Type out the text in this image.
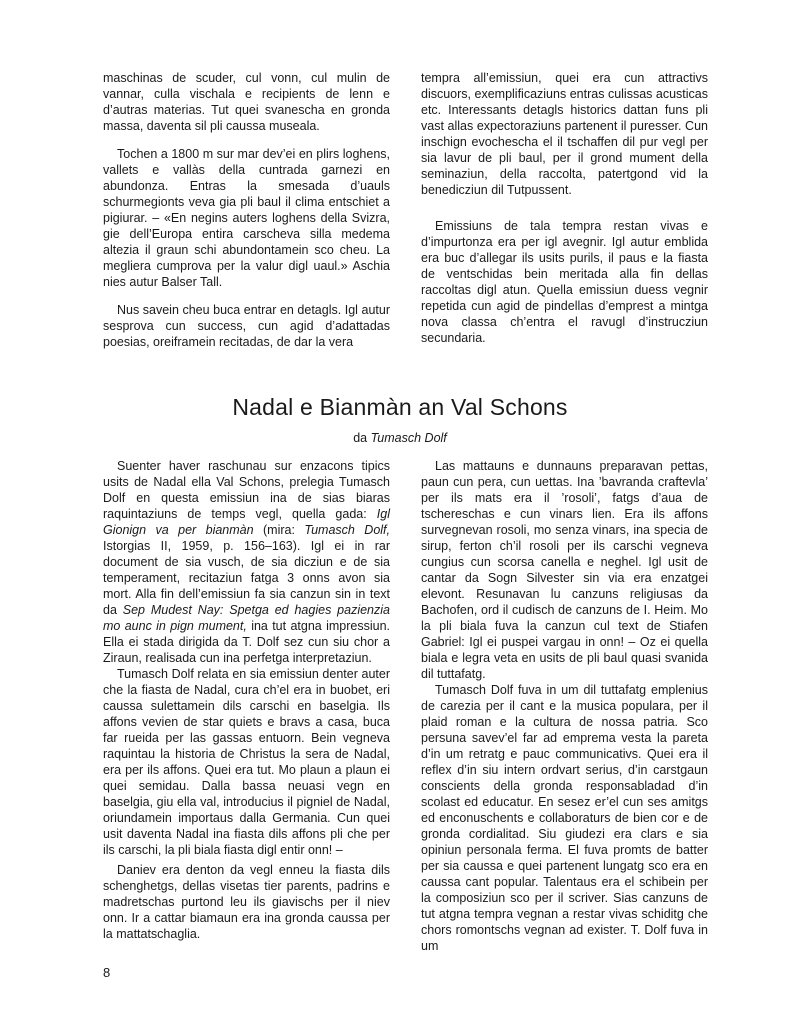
maschinas de scuder, cul vonn, cul mulin de vannar, culla vischala e recipients de lenn e d’autras materias. Tut quei svanescha en gronda massa, daventa sil pli caussa museala.

Tochen a 1800 m sur mar dev’ei en plirs loghens, vallets e vallàs della cuntrada garnezi en abundonza. Entras la smesada d’uauls schurmegionts veva gia pli baul il clima entschiet a pigiurar. – «En negins auters loghens della Svizra, gie dell’Europa entira carscheva silla medema altezia il graun schi abundontamein sco cheu. La megliera cumprova per la valur digl uaul.» Aschia nies autur Balser Tall.

Nus savein cheu buca entrar en detagls. Igl autur sesprova cun success, cun agid d’adattadas poesias, oreiframein recitadas, de dar la vera

tempra all’emissiun, quei era cun attractivs discuors, exemplificaziuns entras culissas acusticas etc. Interessants detagls historics dattan funs pli vast allas expectoraziuns partenent il puresser. Cun inschign evochescha el il tschaffen dil pur vegl per sia lavur de pli baul, per il grond mument della seminaziun, della raccolta, patertgond vid la benedicziun dil Tutpussent.

Emissiuns de tala tempra restan vivas e d’impurtonza era per igl avegnir. Igl autur emblida era buc d’allegar ils usits purils, il paus e la fiasta de ventschidas bein meritada alla fin dellas raccoltas digl atun. Quella emissiun duess vegnir repetida cun agid de pindellas d’emprest a mintga nova classa ch’entra el ravugl d’instrucziun secundaria.

Nadal e Bianmàn an Val Schons
da Tumasch Dolf

Suenter haver raschunau sur enzacons tipics usits de Nadal ella Val Schons, prelegia Tumasch Dolf en questa emissiun ina de sias biaras raquintaziuns de temps vegl, quella gada: Igl Gionign va per bianmàn (mira: Tumasch Dolf, Istorgias II, 1959, p. 156–163). Igl ei in rar document de sia vusch, de sia dicziun e de sia temperament, recitaziun fatga 3 onns avon sia mort. Alla fin dell’emissiun fa sia canzun sin in text da Sep Mudest Nay: Spetga ed hagies pazienzia mo aunc in pign mument, ina tut atgna impressiun. Ella ei stada dirigida da T. Dolf sez cun siu chor a Ziraun, realisada cun ina perfetga interpretaziun.

Tumasch Dolf relata en sia emissiun denter auter che la fiasta de Nadal, cura ch’el era in buobet, eri caussa sulettamein dils carschi en baselgia. Ils affons vevien de star quiets e bravs a casa, buca far rueida per las gassas entuorn. Bein vegneva raquintau la historia de Christus la sera de Nadal, era per ils affons. Quei era tut. Mo plaun a plaun ei quei semidau. Dalla bassa neuasi vegn en baselgia, giu ella val, introducius il pigniel de Nadal, oriundamein importaus dalla Germania. Cun quei usit daventa Nadal ina fiasta dils affons pli che per ils carschi, la pli biala fiasta digl entir onn! –

Daniev era denton da vegl enneu la fiasta dils schenghetgs, dellas visetas tier parents, padrins e madretschas purtond leu ils giavischs per il niev onn. Ir a cattar biamaun era ina gronda caussa per la mattatschaglia.

Las mattauns e dunnauns preparavan pettas, paun cun pera, cun uettas. Ina ’bavranda craftevla’ per ils mats era il ’rosoli’, fatgs d’aua de tschereschas e cun vinars lien. Era ils affons survegnevan rosoli, mo senza vinars, ina specia de sirup, ferton ch’il rosoli per ils carschi vegneva cungius cun scorsa canella e neghel. Igl usit de cantar da Sogn Silvester sin via era enzatgei elevont. Resunavan lu canzuns religiusas da Bachofen, ord il cudisch de canzuns de I. Heim. Mo la pli biala fuva la canzun cul text de Stiafen Gabriel: Igl ei puspei vargau in onn! – Oz ei quella biala e legra veta en usits de pli baul quasi svanida dil tuttafatg.

Tumasch Dolf fuva in um dil tuttafatg emplenius de carezia per il cant e la musica populara, per il plaid roman e la cultura de nossa patria. Sco persuna savev’el far ad emprema vesta la pareta d’in um retratg e pauc communicativs. Quei era il reflex d’in siu intern ordvart serius, d’in carstgaun conscients della gronda responsabladad d’in scolast ed educatur. En sesez er’el cun ses amitgs ed enconuschents e collaboraturs de bien cor e de gronda cordialitad. Siu giudezi era clars e sia opiniun personala ferma. El fuva promts de batter per sia caussa e quei partenent lungatg sco era en caussa cant popular. Talentaus era el schibein per la composiziun sco per il scriver. Sias canzuns de tut atgna tempra vegnan a restar vivas schiditg che chors romontschs vegnan ad exister. T. Dolf fuva in um

8
